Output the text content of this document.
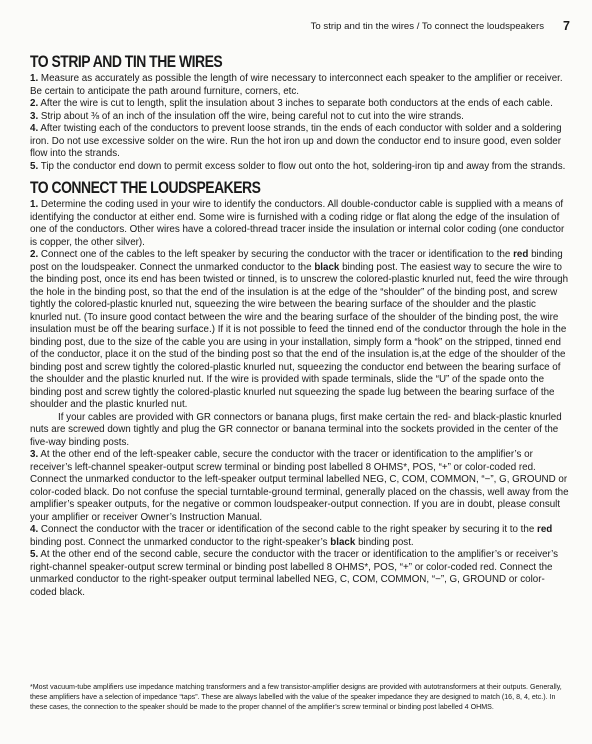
To strip and tin the wires / To connect the loudspeakers 7
TO STRIP AND TIN THE WIRES

1. Measure as accurately as possible the length of wire necessary to interconnect each speaker to the amplifier or receiver. Be certain to anticipate the path around furniture, corners, etc.

2. After the wire is cut to length, split the insulation about 3 inches to separate both conductors at the ends of each cable.

3. Strip about ⅜ of an inch of the insulation off the wire, being careful not to cut into the wire strands.

4. After twisting each of the conductors to prevent loose strands, tin the ends of each conductor with solder and a soldering iron. Do not use excessive solder on the wire. Run the hot iron up and down the conductor end to insure good, even solder flow into the strands.

5. Tip the conductor end down to permit excess solder to flow out onto the hot, soldering-iron tip and away from the strands.

TO CONNECT THE LOUDSPEAKERS

1. Determine the coding used in your wire to identify the conductors. All double-conductor cable is supplied with a means of identifying the conductor at either end. Some wire is furnished with a coding ridge or flat along the edge of the insulation of one of the conductors. Other wires have a colored-thread tracer inside the insulation or internal color coding (one conductor is copper, the other silver).

2. Connect one of the cables to the left speaker by securing the conductor with the tracer or identification to the red binding post on the loudspeaker. Connect the unmarked conductor to the black binding post. The easiest way to secure the wire to the binding post, once its end has been twisted or tinned, is to unscrew the colored-plastic knurled nut, feed the wire through the hole in the binding post, so that the end of the insulation is at the edge of the “shoulder” of the binding post, and screw tightly the colored-plastic knurled nut, squeezing the wire between the bearing surface of the shoulder and the plastic knurled nut. (To insure good contact between the wire and the bearing surface of the shoulder of the binding post, the wire insulation must be off the bearing surface.) If it is not possible to feed the tinned end of the conductor through the hole in the binding post, due to the size of the cable you are using in your installation, simply form a “hook” on the stripped, tinned end of the conductor, place it on the stud of the binding post so that the end of the insulation is,at the edge of the shoulder of the binding post and screw tightly the colored-plastic knurled nut, squeezing the conductor end between the bearing surface of the shoulder and the plastic knurled nut. If the wire is provided with spade terminals, slide the “U” of the spade onto the binding post and screw tightly the colored-plastic knurled nut squeezing the spade lug between the bearing surface of the shoulder and the plastic knurled nut.

If your cables are provided with GR connectors or banana plugs, first make certain the red- and black-plastic knurled nuts are screwed down tightly and plug the GR connector or banana terminal into the sockets provided in the center of the five-way binding posts.

3. At the other end of the left-speaker cable, secure the conductor with the tracer or identification to the amplifier’s or receiver’s left-channel speaker-output screw terminal or binding post labelled 8 OHMS*, POS, “+” or color-coded red. Connect the unmarked conductor to the left-speaker output terminal labelled NEG, C, COM, COMMON, “−”, G, GROUND or color-coded black. Do not confuse the special turntable-ground terminal, generally placed on the chassis, well away from the amplifier’s speaker outputs, for the negative or common loudspeaker-output connection. If you are in doubt, please consult your amplifier or receiver Owner’s Instruction Manual.

4. Connect the conductor with the tracer or identification of the second cable to the right speaker by securing it to the red binding post. Connect the unmarked conductor to the right-speaker’s black binding post.

5. At the other end of the second cable, secure the conductor with the tracer or identification to the amplifier’s or receiver’s right-channel speaker-output screw terminal or binding post labelled 8 OHMS*, POS, “+” or color-coded red. Connect the unmarked conductor to the right-speaker output terminal labelled NEG, C, COM, COMMON, “−”, G, GROUND or color-coded black.

*Most vacuum-tube amplifiers use impedance matching transformers and a few transistor-amplifier designs are provided with autotransformers at their outputs. Generally, these amplifiers have a selection of impedance “taps”. These are always labelled with the value of the speaker impedance they are designed to match (16, 8, 4, etc.). In these cases, the connection to the speaker should be made to the proper channel of the amplifier’s screw terminal or binding post labelled 4 OHMS.
